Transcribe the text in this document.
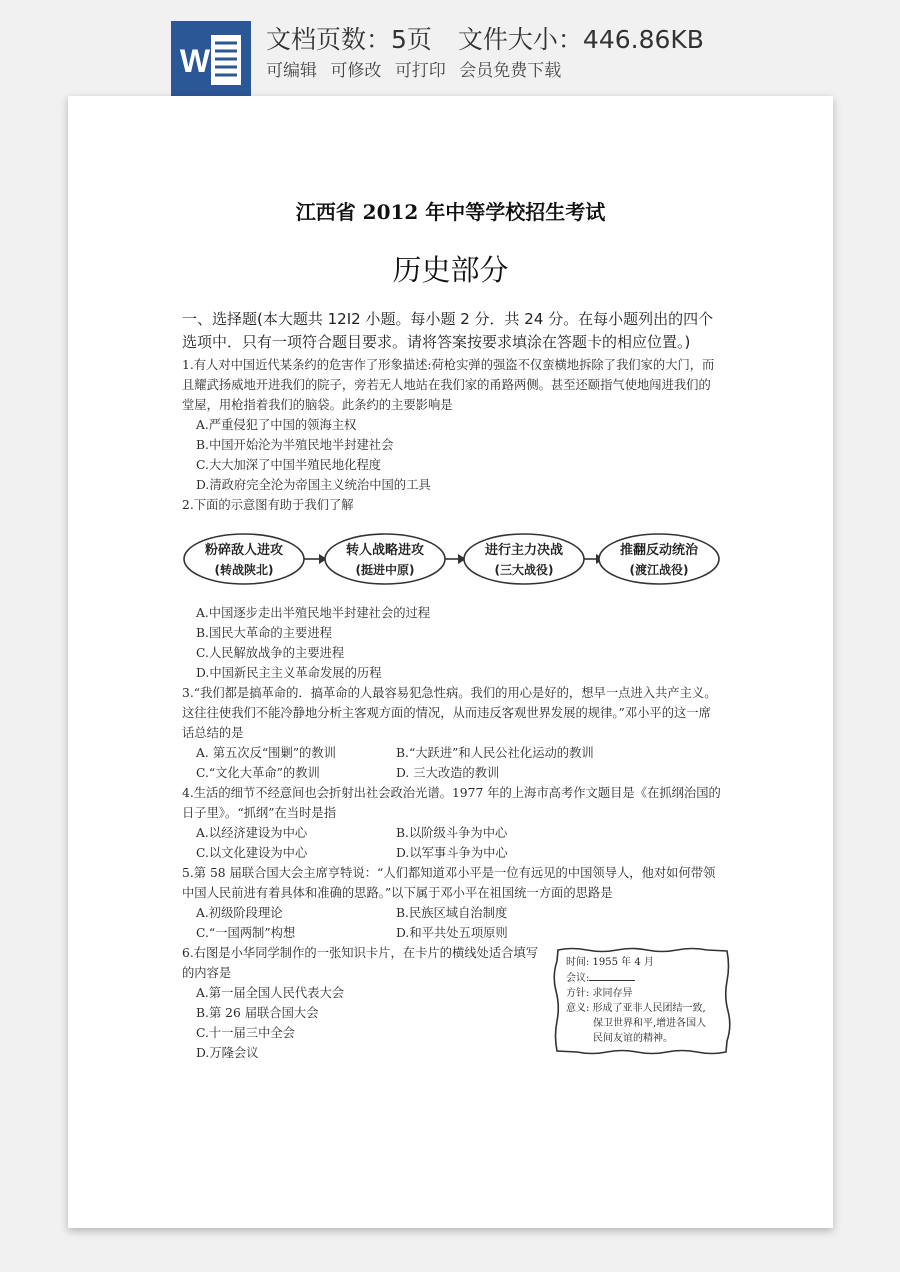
W
文档页数：5页 文件大小：446.86KB
可编辑 可修改 可打印 会员免费下载
江西省 2012 年中等学校招生考试
历史部分
一、选择题(本大题共 12I2 小题。每小题 2 分．共 24 分。在每小题列出的四个选项中．只有一项符合题目要求。请将答案按要求填涂在答题卡的相应位置。)
1.有人对中国近代某条约的危害作了形象描述:荷枪实弹的强盗不仅蛮横地拆除了我们家的大门，而且耀武扬威地开进我们的院子，旁若无人地站在我们家的甬路两侧。甚至还颐指气使地闯进我们的堂屋，用枪指着我们的脑袋。此条约的主要影响是
A.严重侵犯了中国的领海主权
B.中国开始沦为半殖民地半封建社会
C.大大加深了中国半殖民地化程度
D.清政府完全沦为帝国主义统治中国的工具
2.下面的示意图有助于我们了解
粉碎敌人进攻
(转战陕北)
转人战略进攻
(挺进中原)
进行主力决战
(三大战役)
推翻反动统治
(渡江战役)
A.中国逐步走出半殖民地半封建社会的过程
B.国民大革命的主要进程
C.人民解放战争的主要进程
D.中国新民主主义革命发展的历程
3.“我们都是搞革命的．搞革命的人最容易犯急性病。我们的用心是好的，想早一点进入共产主义。这往往使我们不能冷静地分析主客观方面的情况，从而违反客观世界发展的规律。”邓小平的这一席话总结的是
A. 第五次反“围剿”的教训	B.“大跃进”和人民公社化运动的教训
C.“文化大革命”的教训	D. 三大改造的教训
4.生活的细节不经意间也会折射出社会政治光谱。1977 年的上海市高考作文题目是《在抓纲治国的日子里》。“抓纲”在当时是指
A.以经济建设为中心	B.以阶级斗争为中心
C.以文化建设为中心	D.以军事斗争为中心
5.第 58 届联合国大会主席亨特说：“人们都知道邓小平是一位有远见的中国领导人，他对如何带领中国人民前进有着具体和准确的思路。”以下属于邓小平在祖国统一方面的思路是
A.初级阶段理论	B.民族区域自治制度
C.“一国两制”构想	D.和平共处五项原则
6.右图是小华同学制作的一张知识卡片，在卡片的横线处适合填写的内容是
A.第一届全国人民代表大会
B.第 26 届联合国大会
C.十一届三中全会
D.万隆会议
时间: 1955 年 4 月
会议:
方针: 求同存异
意义: 形成了亚非人民团结一致,
保卫世界和平,增进各国人
民间友谊的精神。
